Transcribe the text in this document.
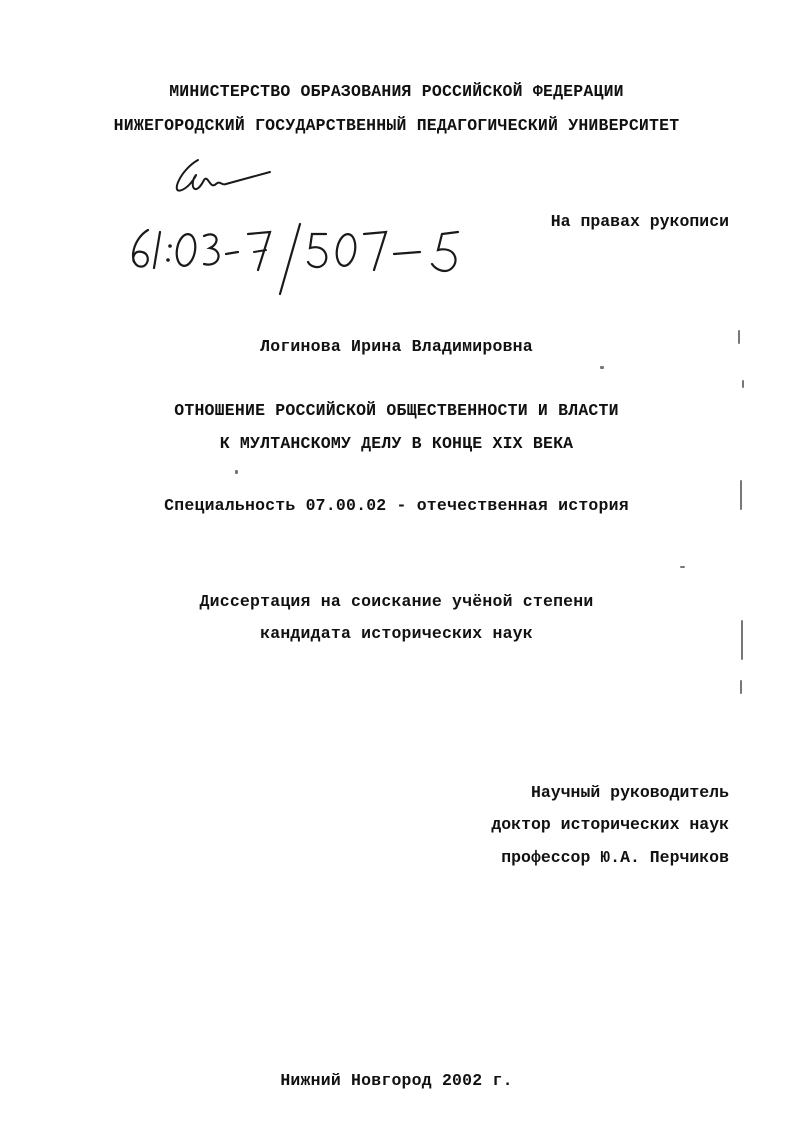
МИНИСТЕРСТВО ОБРАЗОВАНИЯ РОССИЙСКОЙ ФЕДЕРАЦИИ
НИЖЕГОРОДСКИЙ ГОСУДАРСТВЕННЫЙ ПЕДАГОГИЧЕСКИЙ УНИВЕРСИТЕТ
На правах рукописи
Логинова Ирина Владимировна
ОТНОШЕНИЕ РОССИЙСКОЙ ОБЩЕСТВЕННОСТИ И ВЛАСТИ
К МУЛТАНСКОМУ ДЕЛУ В КОНЦЕ XIX ВЕКА
Специальность 07.00.02 - отечественная история
Диссертация на соискание учёной степени
кандидата исторических наук
Научный руководитель
доктор исторических наук
профессор Ю.А. Перчиков
Нижний Новгород 2002 г.
